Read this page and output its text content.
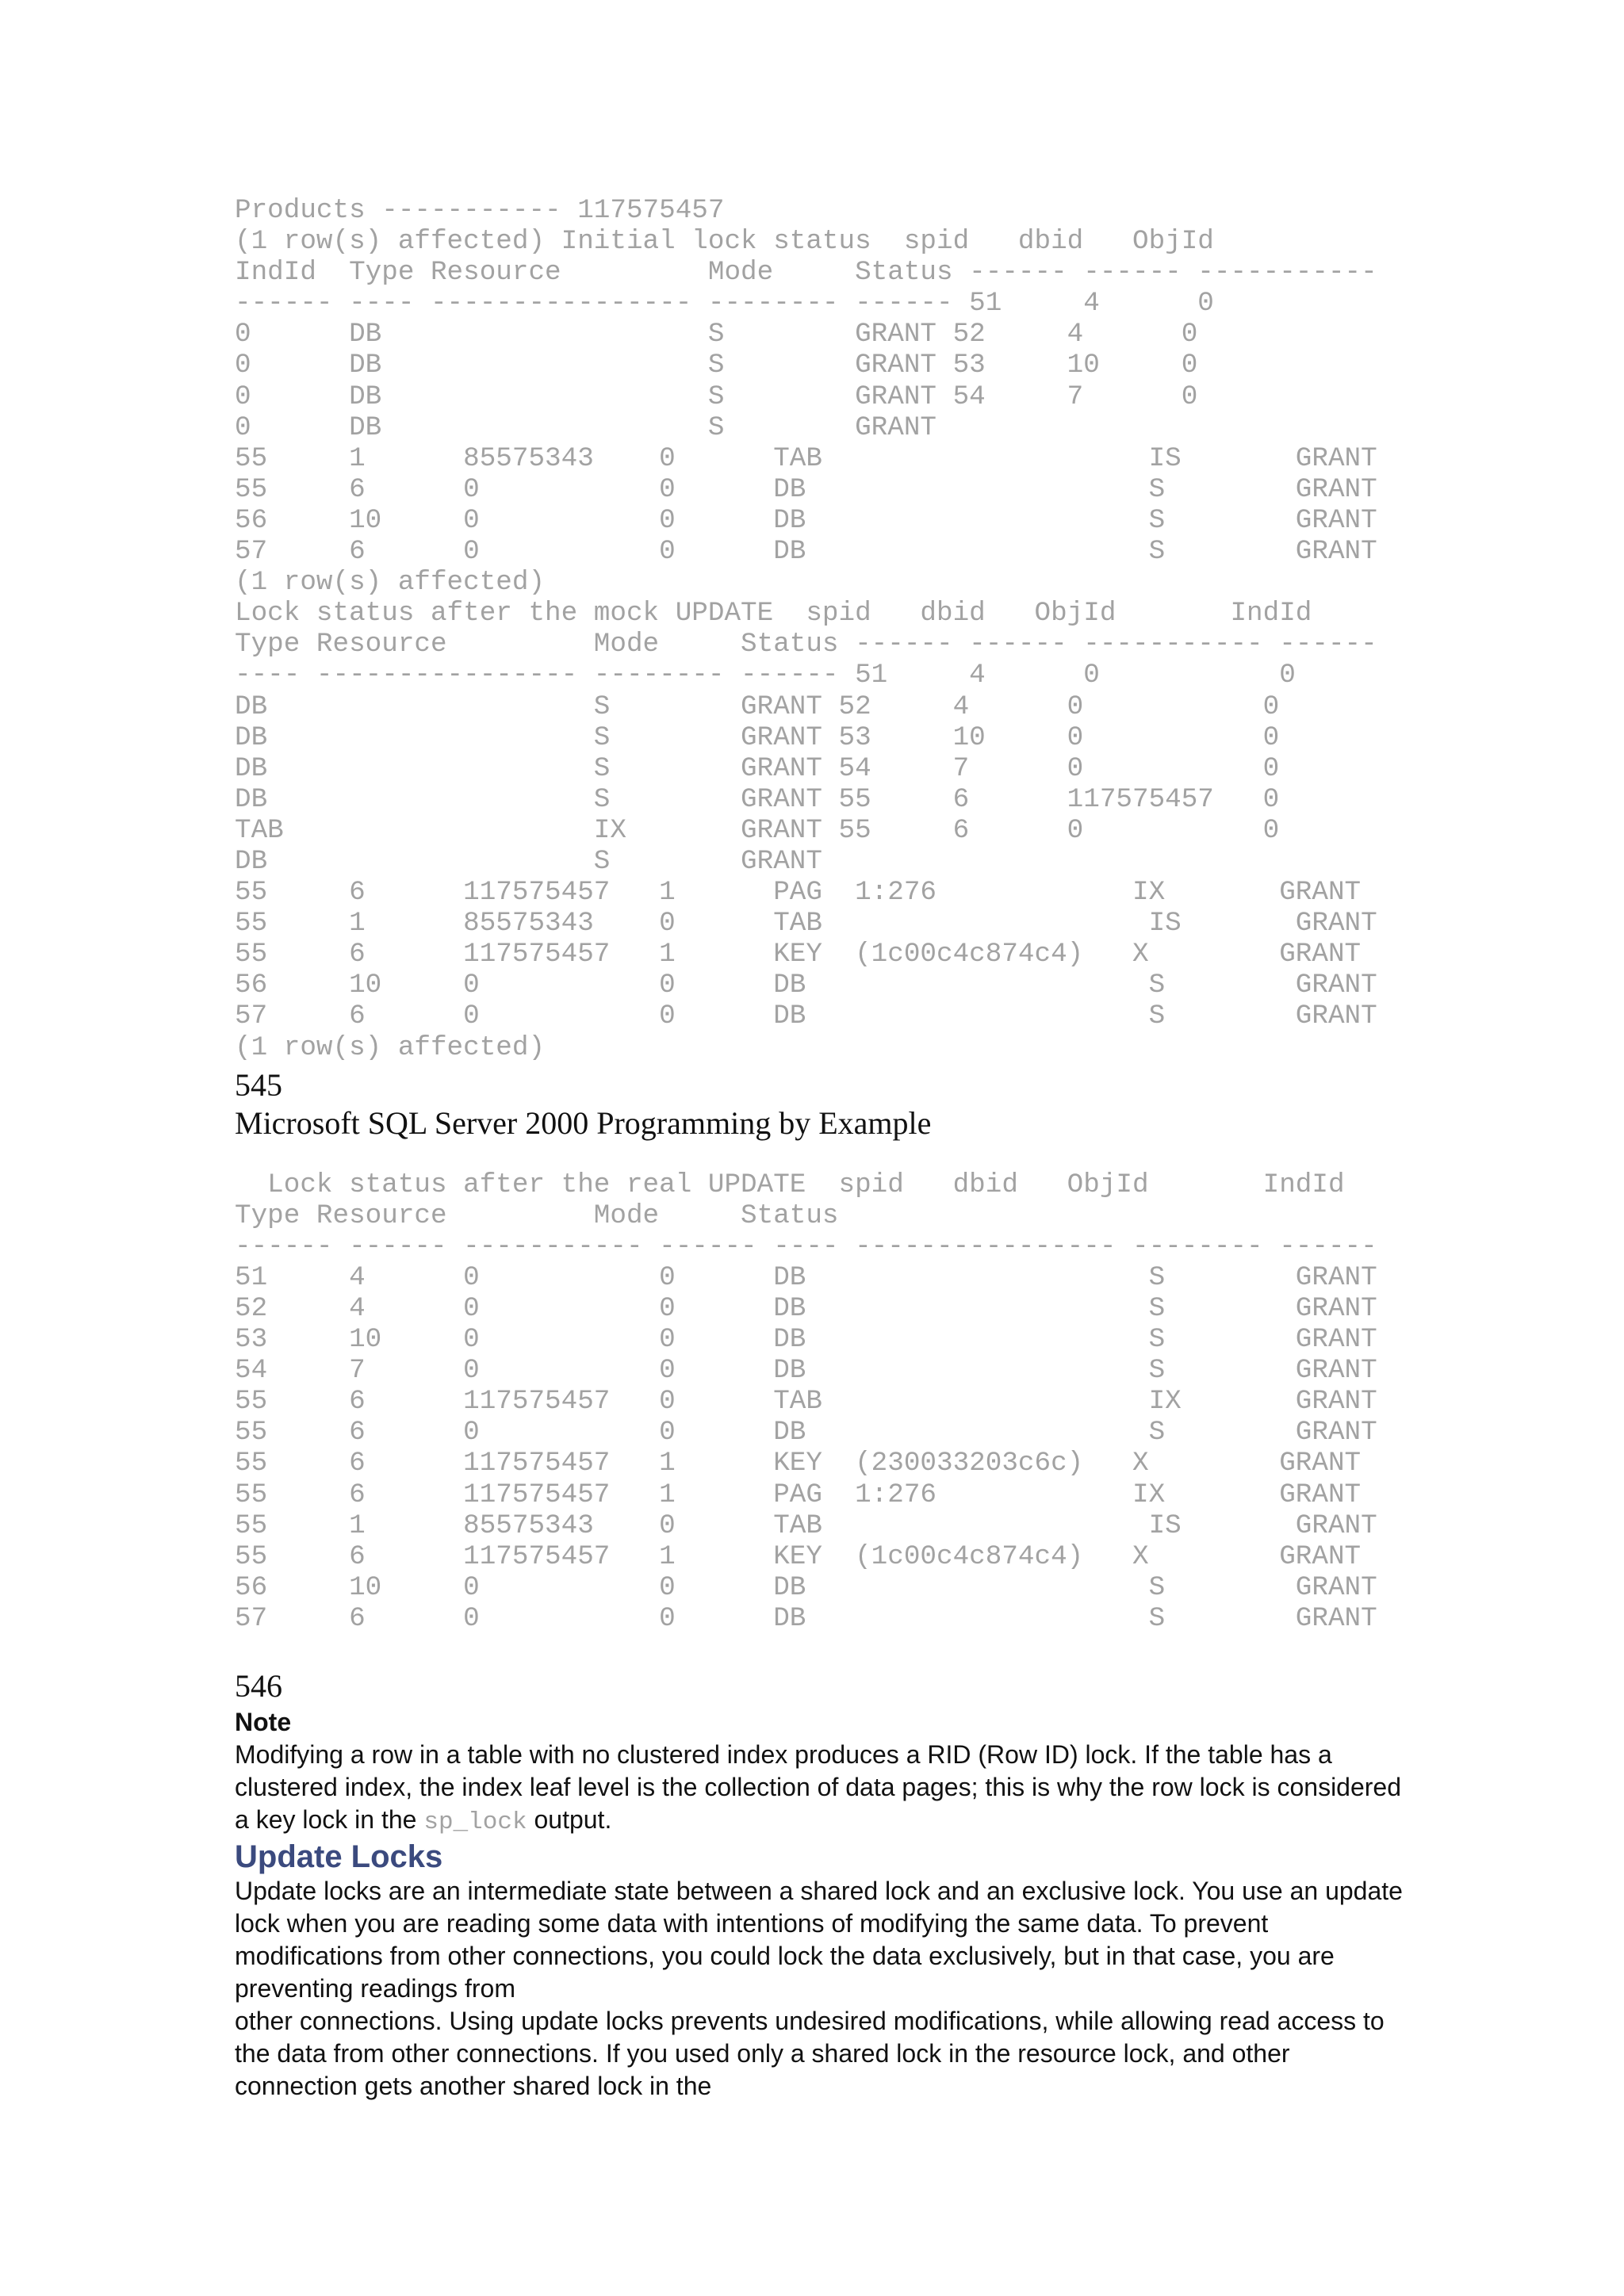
Products ----------- 117575457
(1 row(s) affected) Initial lock status  spid   dbid   ObjId
IndId  Type Resource         Mode     Status ------ ------ -----------
------ ---- ---------------- -------- ------ 51     4      0
0      DB                    S        GRANT 52     4      0
0      DB                    S        GRANT 53     10     0
0      DB                    S        GRANT 54     7      0
0      DB                    S        GRANT
55     1      85575343    0      TAB                    IS       GRANT
55     6      0           0      DB                     S        GRANT
56     10     0           0      DB                     S        GRANT
57     6      0           0      DB                     S        GRANT
(1 row(s) affected)
Lock status after the mock UPDATE  spid   dbid   ObjId       IndId
Type Resource         Mode     Status ------ ------ ----------- ------
---- ---------------- -------- ------ 51     4      0           0
DB                    S        GRANT 52     4      0           0
DB                    S        GRANT 53     10     0           0
DB                    S        GRANT 54     7      0           0
DB                    S        GRANT 55     6      117575457   0
TAB                   IX       GRANT 55     6      0           0
DB                    S        GRANT
55     6      117575457   1      PAG  1:276            IX       GRANT
55     1      85575343    0      TAB                    IS       GRANT
55     6      117575457   1      KEY  (1c00c4c874c4)   X        GRANT
56     10     0           0      DB                     S        GRANT
57     6      0           0      DB                     S        GRANT
(1 row(s) affected)
545
Microsoft SQL Server 2000 Programming by Example
Lock status after the real UPDATE  spid   dbid   ObjId       IndId
Type Resource         Mode     Status
------ ------ ----------- ------ ---- ---------------- -------- ------
51     4      0           0      DB                     S        GRANT
52     4      0           0      DB                     S        GRANT
53     10     0           0      DB                     S        GRANT
54     7      0           0      DB                     S        GRANT
55     6      117575457   0      TAB                    IX       GRANT
55     6      0           0      DB                     S        GRANT
55     6      117575457   1      KEY  (230033203c6c)   X        GRANT
55     6      117575457   1      PAG  1:276            IX       GRANT
55     1      85575343    0      TAB                    IS       GRANT
55     6      117575457   1      KEY  (1c00c4c874c4)   X        GRANT
56     10     0           0      DB                     S        GRANT
57     6      0           0      DB                     S        GRANT
546
Note
Modifying a row in a table with no clustered index produces a RID (Row ID) lock. If the table has a clustered index, the index leaf level is the collection of data pages; this is why the row lock is considered a key lock in the sp_lock output.
Update Locks
Update locks are an intermediate state between a shared lock and an exclusive lock. You use an update lock when you are reading some data with intentions of modifying the same data. To prevent modifications from other connections, you could lock the data exclusively, but in that case, you are preventing readings from
other connections. Using update locks prevents undesired modifications, while allowing read access to the data from other connections. If you used only a shared lock in the resource lock, and other connection gets another shared lock in the
